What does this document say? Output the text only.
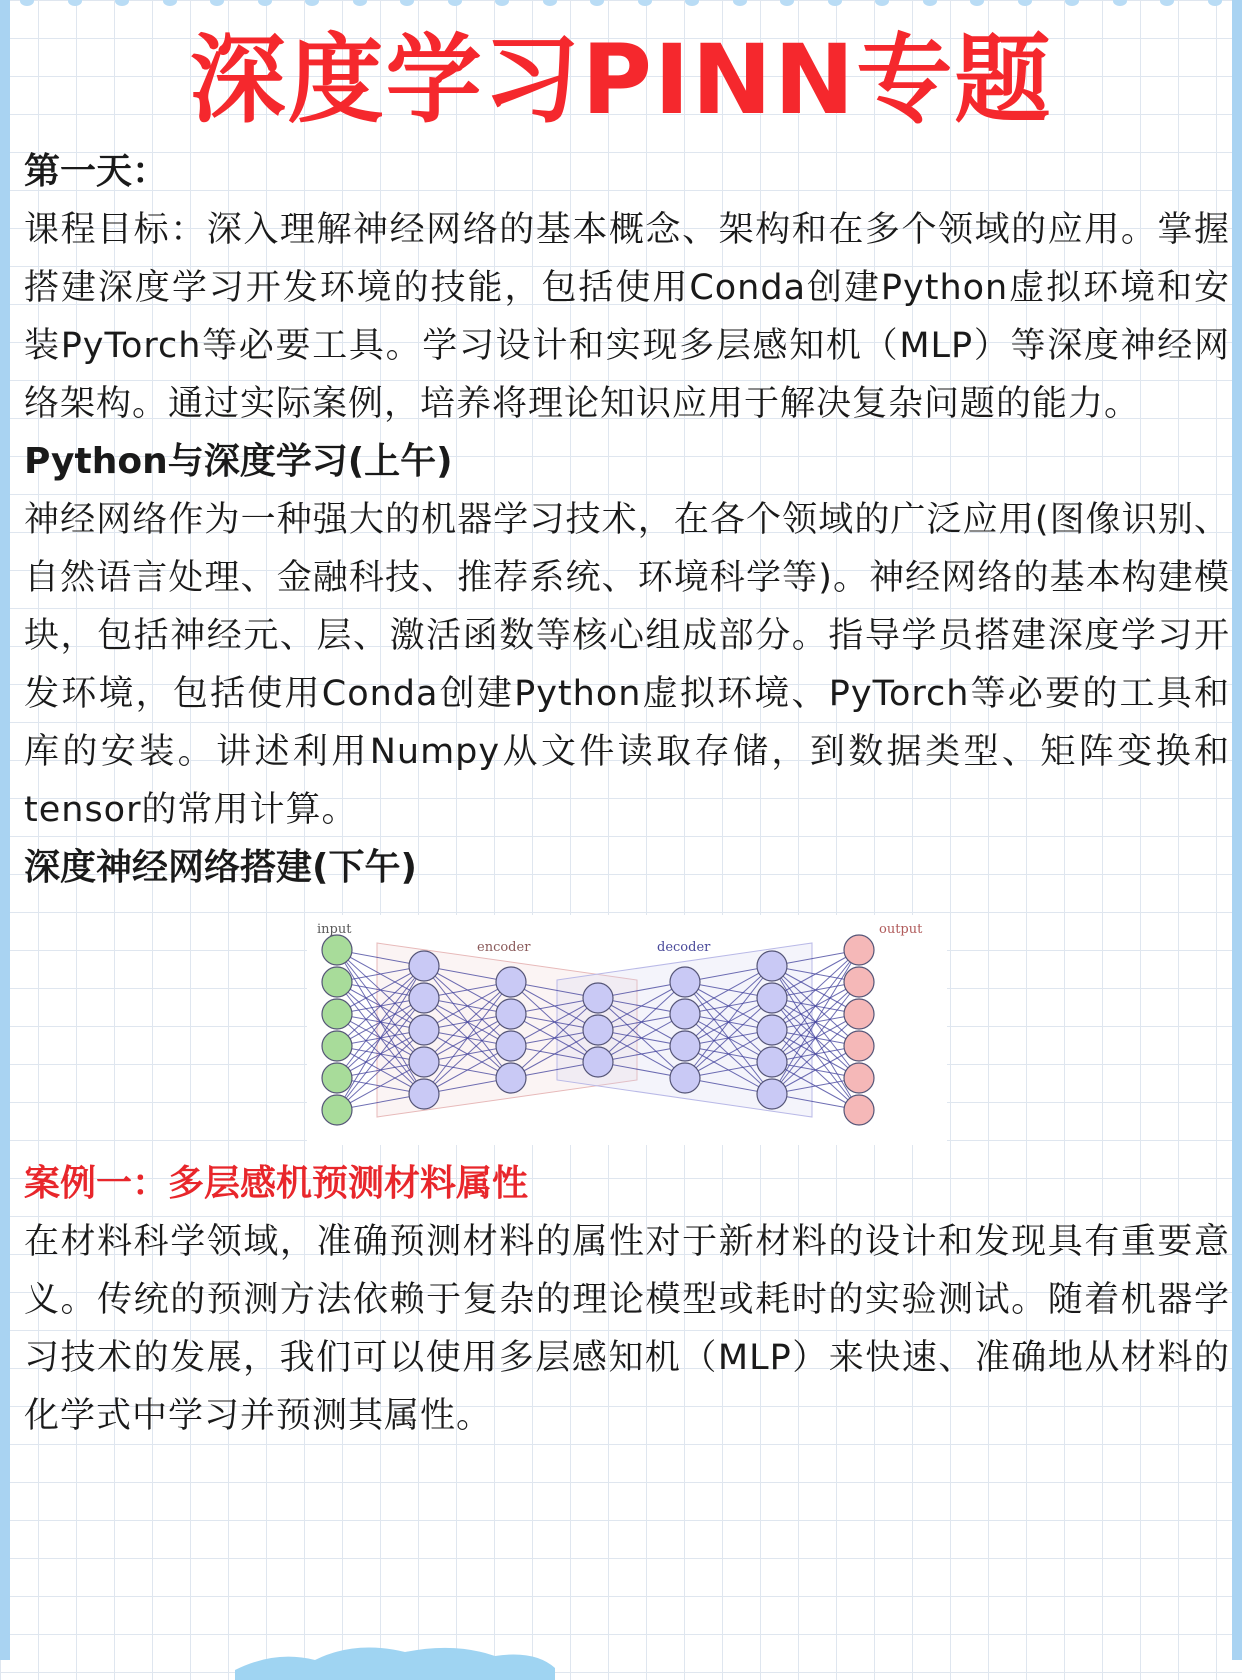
深度学习PINN专题

第一天：

课程目标：深入理解神经网络的基本概念、架构和在多个领域的应用。掌握搭建深度学习开发环境的技能，包括使用Conda创建Python虚拟环境和安装PyTorch等必要工具。学习设计和实现多层感知机（MLP）等深度神经网络架构。通过实际案例，培养将理论知识应用于解决复杂问题的能力。

Python与深度学习(上午)

神经网络作为一种强大的机器学习技术，在各个领域的广泛应用(图像识别、自然语言处理、金融科技、推荐系统、环境科学等)。神经网络的基本构建模块，包括神经元、层、激活函数等核心组成部分。指导学员搭建深度学习开发环境，包括使用Conda创建Python虚拟环境、PyTorch等必要的工具和库的安装。讲述利用Numpy从文件读取存储，到数据类型、矩阵变换和tensor的常用计算。

深度神经网络搭建(下午)

input
encoder	decoder
output

案例一：多层感机预测材料属性

在材料科学领域，准确预测材料的属性对于新材料的设计和发现具有重要意义。传统的预测方法依赖于复杂的理论模型或耗时的实验测试。随着机器学习技术的发展，我们可以使用多层感知机（MLP）来快速、准确地从材料的化学式中学习并预测其属性。
